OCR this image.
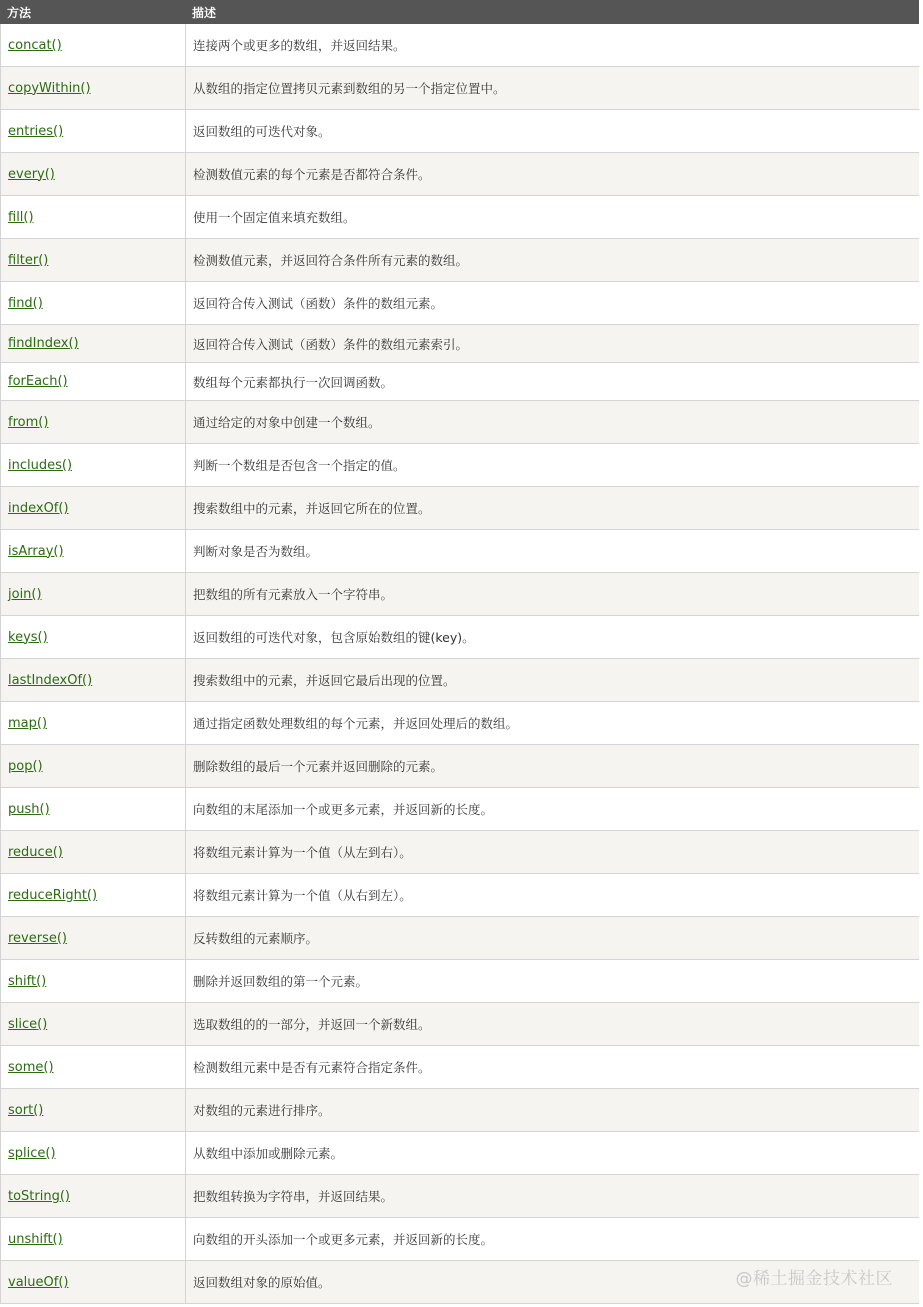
方法	描述
concat()	连接两个或更多的数组，并返回结果。
copyWithin()	从数组的指定位置拷贝元素到数组的另一个指定位置中。
entries()	返回数组的可迭代对象。
every()	检测数值元素的每个元素是否都符合条件。
fill()	使用一个固定值来填充数组。
filter()	检测数值元素，并返回符合条件所有元素的数组。
find()	返回符合传入测试（函数）条件的数组元素。
findIndex()	返回符合传入测试（函数）条件的数组元素索引。
forEach()	数组每个元素都执行一次回调函数。
from()	通过给定的对象中创建一个数组。
includes()	判断一个数组是否包含一个指定的值。
indexOf()	搜索数组中的元素，并返回它所在的位置。
isArray()	判断对象是否为数组。
join()	把数组的所有元素放入一个字符串。
keys()	返回数组的可迭代对象，包含原始数组的键(key)。
lastIndexOf()	搜索数组中的元素，并返回它最后出现的位置。
map()	通过指定函数处理数组的每个元素，并返回处理后的数组。
pop()	删除数组的最后一个元素并返回删除的元素。
push()	向数组的末尾添加一个或更多元素，并返回新的长度。
reduce()	将数组元素计算为一个值（从左到右）。
reduceRight()	将数组元素计算为一个值（从右到左）。
reverse()	反转数组的元素顺序。
shift()	删除并返回数组的第一个元素。
slice()	选取数组的的一部分，并返回一个新数组。
some()	检测数组元素中是否有元素符合指定条件。
sort()	对数组的元素进行排序。
splice()	从数组中添加或删除元素。
toString()	把数组转换为字符串，并返回结果。
unshift()	向数组的开头添加一个或更多元素，并返回新的长度。
valueOf()	返回数组对象的原始值。	@稀土掘金技术社区
